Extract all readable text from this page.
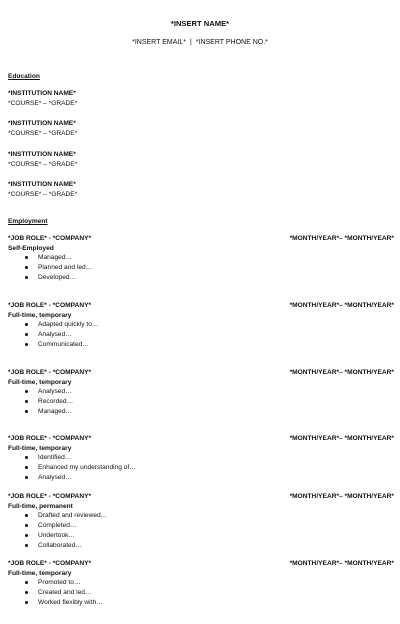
*INSERT NAME*
*INSERT EMAIL* | *INSERT PHONE NO.*
Education
*INSTITUTION NAME*
*COURSE* – *GRADE*
*INSTITUTION NAME*
*COURSE* – *GRADE*
*INSTITUTION NAME*
*COURSE* – *GRADE*
*INSTITUTION NAME*
*COURSE* – *GRADE*
Employment
*JOB ROLE* - *COMPANY*	*MONTH/YEAR*– *MONTH/YEAR*
Self-Employed
Managed…
Planned and led…
Developed…
*JOB ROLE* - *COMPANY*	*MONTH/YEAR*– *MONTH/YEAR*
Full-time, temporary
Adapted quickly to…
Analysed…
Communicated…
*JOB ROLE* - *COMPANY*	*MONTH/YEAR*– *MONTH/YEAR*
Full-time, temporary
Analysed…
Recorded…
Managed…
*JOB ROLE* - *COMPANY*	*MONTH/YEAR*– *MONTH/YEAR*
Full-time, temporary
Identified…
Enhanced my understanding of…
Analysed…
*JOB ROLE* - *COMPANY*	*MONTH/YEAR*– *MONTH/YEAR*
Full-time, permanent
Drafted and reviewed…
Completed…
Undertook…
Collaborated…
*JOB ROLE* - *COMPANY*	*MONTH/YEAR*– *MONTH/YEAR*
Full-time, temporary
Promoted to…
Created and led…
Worked flexibly with…
